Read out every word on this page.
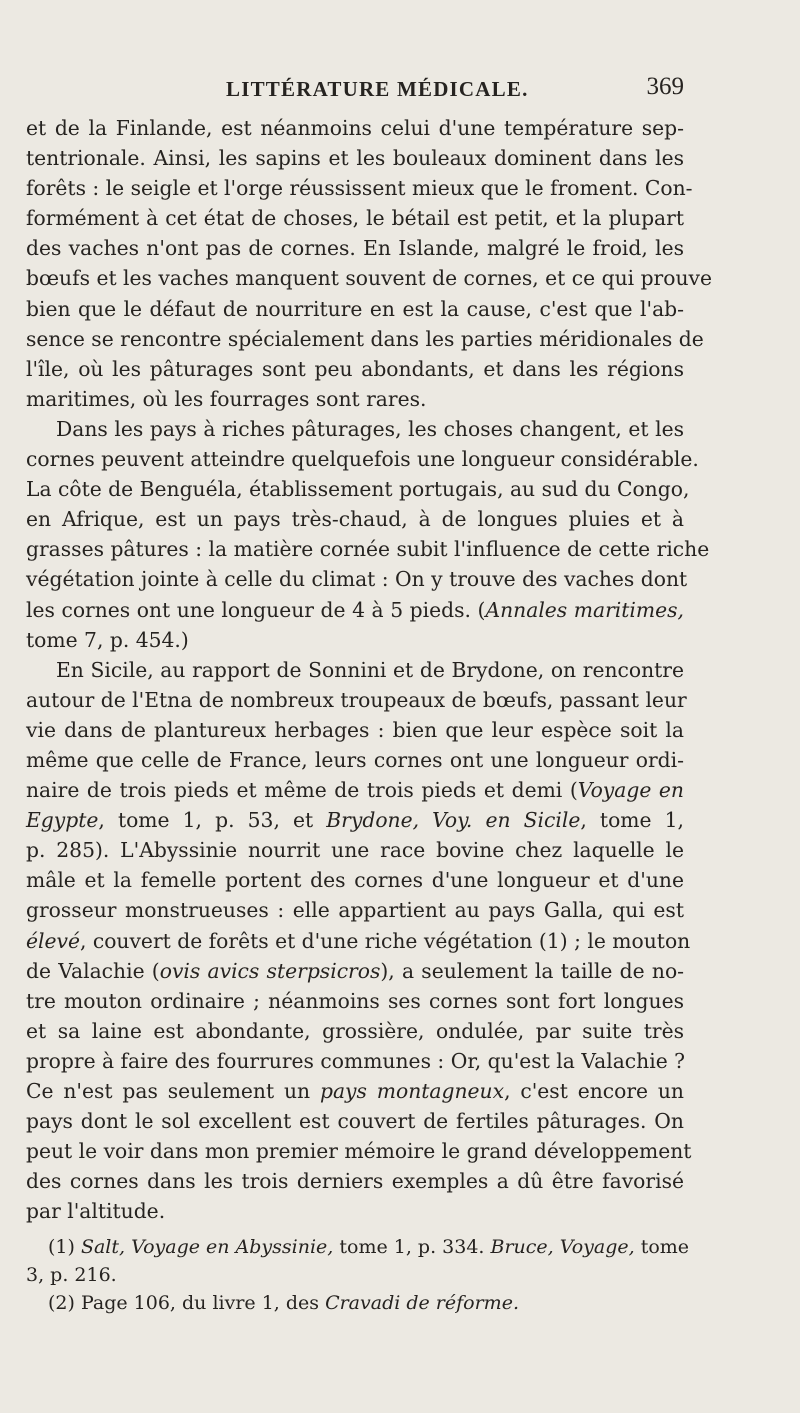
LITTÉRATURE MÉDICALE.	369
et de la Finlande, est néanmoins celui d'une température sep-
tentrionale. Ainsi, les sapins et les bouleaux dominent dans les
forêts : le seigle et l'orge réussissent mieux que le froment. Con-
formément à cet état de choses, le bétail est petit, et la plupart
des vaches n'ont pas de cornes. En Islande, malgré le froid, les
bœufs et les vaches manquent souvent de cornes, et ce qui prouve
bien que le défaut de nourriture en est la cause, c'est que l'ab-
sence se rencontre spécialement dans les parties méridionales de
l'île, où les pâturages sont peu abondants, et dans les régions
maritimes, où les fourrages sont rares.
Dans les pays à riches pâturages, les choses changent, et les
cornes peuvent atteindre quelquefois une longueur considérable.
La côte de Benguéla, établissement portugais, au sud du Congo,
en Afrique, est un pays très-chaud, à de longues pluies et à
grasses pâtures : la matière cornée subit l'influence de cette riche
végétation jointe à celle du climat : On y trouve des vaches dont
les cornes ont une longueur de 4 à 5 pieds. (Annales maritimes,
tome 7, p. 454.)
En Sicile, au rapport de Sonnini et de Brydone, on rencontre
autour de l'Etna de nombreux troupeaux de bœufs, passant leur
vie dans de plantureux herbages : bien que leur espèce soit la
même que celle de France, leurs cornes ont une longueur ordi-
naire de trois pieds et même de trois pieds et demi (Voyage en
Egypte, tome 1, p. 53, et Brydone, Voy. en Sicile, tome 1,
p. 285). L'Abyssinie nourrit une race bovine chez laquelle le
mâle et la femelle portent des cornes d'une longueur et d'une
grosseur monstrueuses : elle appartient au pays Galla, qui est
élevé, couvert de forêts et d'une riche végétation (1) ; le mouton
de Valachie (ovis avics sterpsicros), a seulement la taille de no-
tre mouton ordinaire ; néanmoins ses cornes sont fort longues
et sa laine est abondante, grossière, ondulée, par suite très
propre à faire des fourrures communes : Or, qu'est la Valachie ?
Ce n'est pas seulement un pays montagneux, c'est encore un
pays dont le sol excellent est couvert de fertiles pâturages. On
peut le voir dans mon premier mémoire le grand développement
des cornes dans les trois derniers exemples a dû être favorisé
par l'altitude.
(1) Salt, Voyage en Abyssinie, tome 1, p. 334. Bruce, Voyage, tome
3, p. 216.
(2) Page 106, du livre 1, des Cravadi de réforme.
